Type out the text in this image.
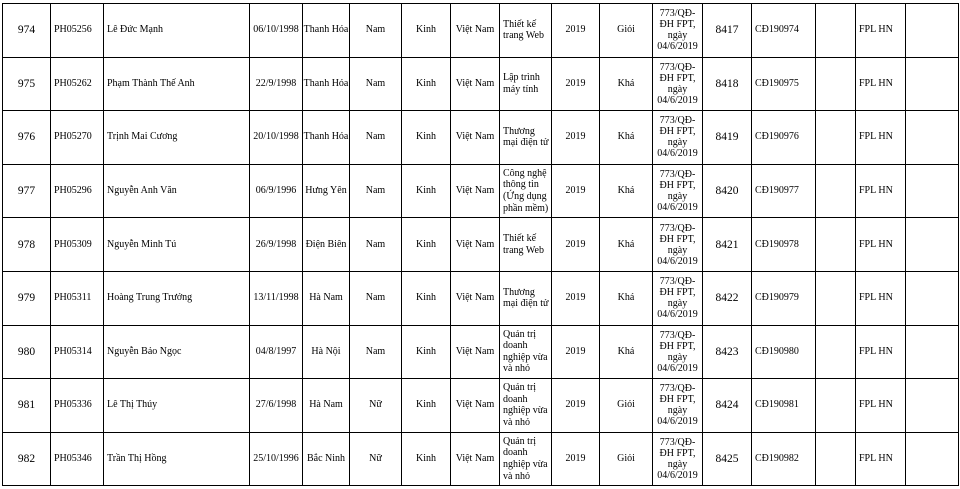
974	PH05256	Lê Đức Mạnh	06/10/1998	Thanh Hóa	Nam	Kinh	Việt Nam	Thiết kế trang Web	2019	Giỏi	773/QĐ-ĐH FPT, ngày 04/6/2019	8417	CĐ190974		FPL HN	
975	PH05262	Phạm Thành Thế Anh	22/9/1998	Thanh Hóa	Nam	Kinh	Việt Nam	Lập trình máy tính	2019	Khá	773/QĐ-ĐH FPT, ngày 04/6/2019	8418	CĐ190975		FPL HN	
976	PH05270	Trịnh Mai Cương	20/10/1998	Thanh Hóa	Nam	Kinh	Việt Nam	Thương mại điện tử	2019	Khá	773/QĐ-ĐH FPT, ngày 04/6/2019	8419	CĐ190976		FPL HN	
977	PH05296	Nguyễn Anh Văn	06/9/1996	Hưng Yên	Nam	Kinh	Việt Nam	Công nghệ thông tin (Ứng dụng phần mềm)	2019	Khá	773/QĐ-ĐH FPT, ngày 04/6/2019	8420	CĐ190977		FPL HN	
978	PH05309	Nguyễn Minh Tú	26/9/1998	Điện Biên	Nam	Kinh	Việt Nam	Thiết kế trang Web	2019	Khá	773/QĐ-ĐH FPT, ngày 04/6/2019	8421	CĐ190978		FPL HN	
979	PH05311	Hoàng Trung Trưởng	13/11/1998	Hà Nam	Nam	Kinh	Việt Nam	Thương mại điện tử	2019	Khá	773/QĐ-ĐH FPT, ngày 04/6/2019	8422	CĐ190979		FPL HN	
980	PH05314	Nguyễn Bảo Ngọc	04/8/1997	Hà Nội	Nam	Kinh	Việt Nam	Quản trị doanh nghiệp vừa và nhỏ	2019	Khá	773/QĐ-ĐH FPT, ngày 04/6/2019	8423	CĐ190980		FPL HN	
981	PH05336	Lê Thị Thúy	27/6/1998	Hà Nam	Nữ	Kinh	Việt Nam	Quản trị doanh nghiệp vừa và nhỏ	2019	Giỏi	773/QĐ-ĐH FPT, ngày 04/6/2019	8424	CĐ190981		FPL HN	
982	PH05346	Trần Thị Hồng	25/10/1996	Bắc Ninh	Nữ	Kinh	Việt Nam	Quản trị doanh nghiệp vừa và nhỏ	2019	Giỏi	773/QĐ-ĐH FPT, ngày 04/6/2019	8425	CĐ190982		FPL HN	
